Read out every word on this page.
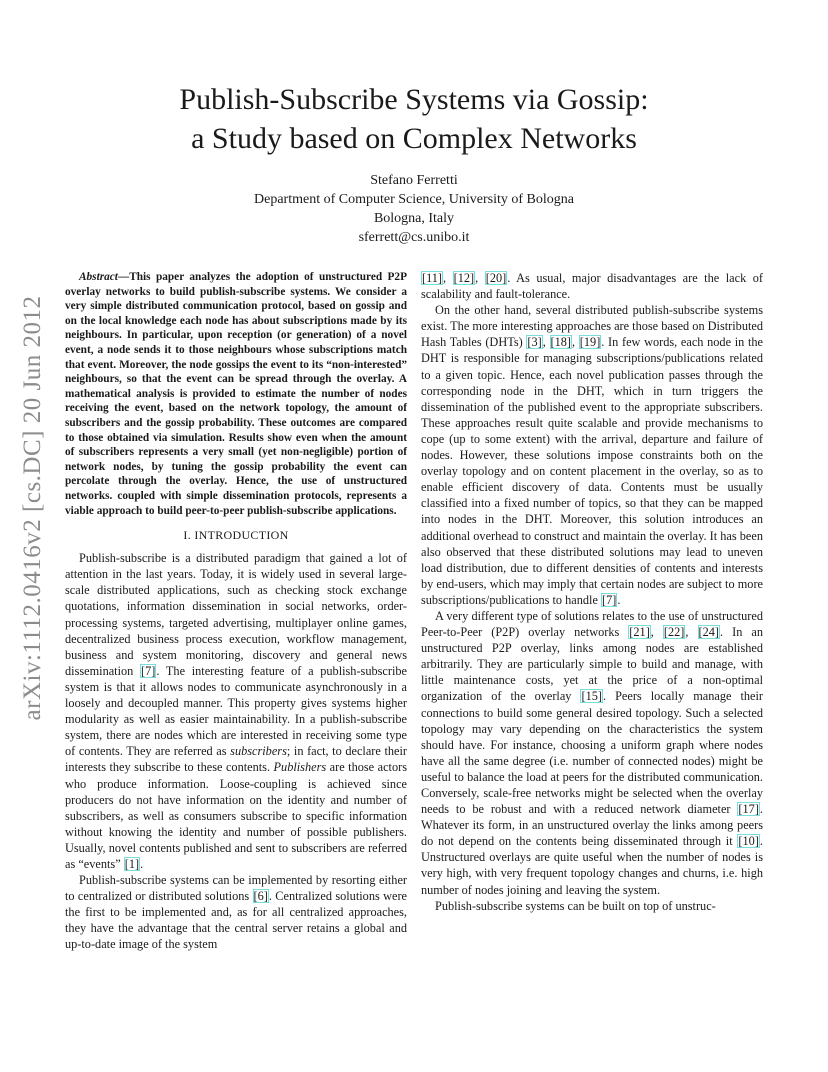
arXiv:1112.0416v2 [cs.DC] 20 Jun 2012
Publish-Subscribe Systems via Gossip:
a Study based on Complex Networks
Stefano Ferretti
Department of Computer Science, University of Bologna
Bologna, Italy
sferrett@cs.unibo.it

Abstract—This paper analyzes the adoption of unstructured P2P overlay networks to build publish-subscribe systems. We consider a very simple distributed communication protocol, based on gossip and on the local knowledge each node has about subscriptions made by its neighbours. In particular, upon reception (or generation) of a novel event, a node sends it to those neighbours whose subscriptions match that event. Moreover, the node gossips the event to its “non-interested” neighbours, so that the event can be spread through the overlay. A mathematical analysis is provided to estimate the number of nodes receiving the event, based on the network topology, the amount of subscribers and the gossip probability. These outcomes are compared to those obtained via simulation. Results show even when the amount of subscribers represents a very small (yet non-negligible) portion of network nodes, by tuning the gossip probability the event can percolate through the overlay. Hence, the use of unstructured networks. coupled with simple dissemination protocols, represents a viable approach to build peer-to-peer publish-subscribe applications.

I. INTRODUCTION

Publish-subscribe is a distributed paradigm that gained a lot of attention in the last years. Today, it is widely used in several large-scale distributed applications, such as checking stock exchange quotations, information dissemination in social networks, order-processing systems, targeted advertising, multiplayer online games, decentralized business process execution, workflow management, business and system monitoring, discovery and general news dissemination [7]. The interesting feature of a publish-subscribe system is that it allows nodes to communicate asynchronously in a loosely and decoupled manner. This property gives systems higher modularity as well as easier maintainability. In a publish-subscribe system, there are nodes which are interested in receiving some type of contents. They are referred as subscribers; in fact, to declare their interests they subscribe to these contents. Publishers are those actors who produce information. Loose-coupling is achieved since producers do not have information on the identity and number of subscribers, as well as consumers subscribe to specific information without knowing the identity and number of possible publishers. Usually, novel contents published and sent to subscribers are referred as “events” [1].

Publish-subscribe systems can be implemented by resorting either to centralized or distributed solutions [6]. Centralized solutions were the first to be implemented and, as for all centralized approaches, they have the advantage that the central server retains a global and up-to-date image of the system

[11], [12], [20]. As usual, major disadvantages are the lack of scalability and fault-tolerance.

On the other hand, several distributed publish-subscribe systems exist. The more interesting approaches are those based on Distributed Hash Tables (DHTs) [3], [18], [19]. In few words, each node in the DHT is responsible for managing subscriptions/publications related to a given topic. Hence, each novel publication passes through the corresponding node in the DHT, which in turn triggers the dissemination of the published event to the appropriate subscribers. These approaches result quite scalable and provide mechanisms to cope (up to some extent) with the arrival, departure and failure of nodes. However, these solutions impose constraints both on the overlay topology and on content placement in the overlay, so as to enable efficient discovery of data. Contents must be usually classified into a fixed number of topics, so that they can be mapped into nodes in the DHT. Moreover, this solution introduces an additional overhead to construct and maintain the overlay. It has been also observed that these distributed solutions may lead to uneven load distribution, due to different densities of contents and interests by end-users, which may imply that certain nodes are subject to more subscriptions/publications to handle [7].

A very different type of solutions relates to the use of unstructured Peer-to-Peer (P2P) overlay networks [21], [22], [24]. In an unstructured P2P overlay, links among nodes are established arbitrarily. They are particularly simple to build and manage, with little maintenance costs, yet at the price of a non-optimal organization of the overlay [15]. Peers locally manage their connections to build some general desired topology. Such a selected topology may vary depending on the characteristics the system should have. For instance, choosing a uniform graph where nodes have all the same degree (i.e. number of connected nodes) might be useful to balance the load at peers for the distributed communication. Conversely, scale-free networks might be selected when the overlay needs to be robust and with a reduced network diameter [17]. Whatever its form, in an unstructured overlay the links among peers do not depend on the contents being disseminated through it [10]. Unstructured overlays are quite useful when the number of nodes is very high, with very frequent topology changes and churns, i.e. high number of nodes joining and leaving the system.

Publish-subscribe systems can be built on top of unstruc-
